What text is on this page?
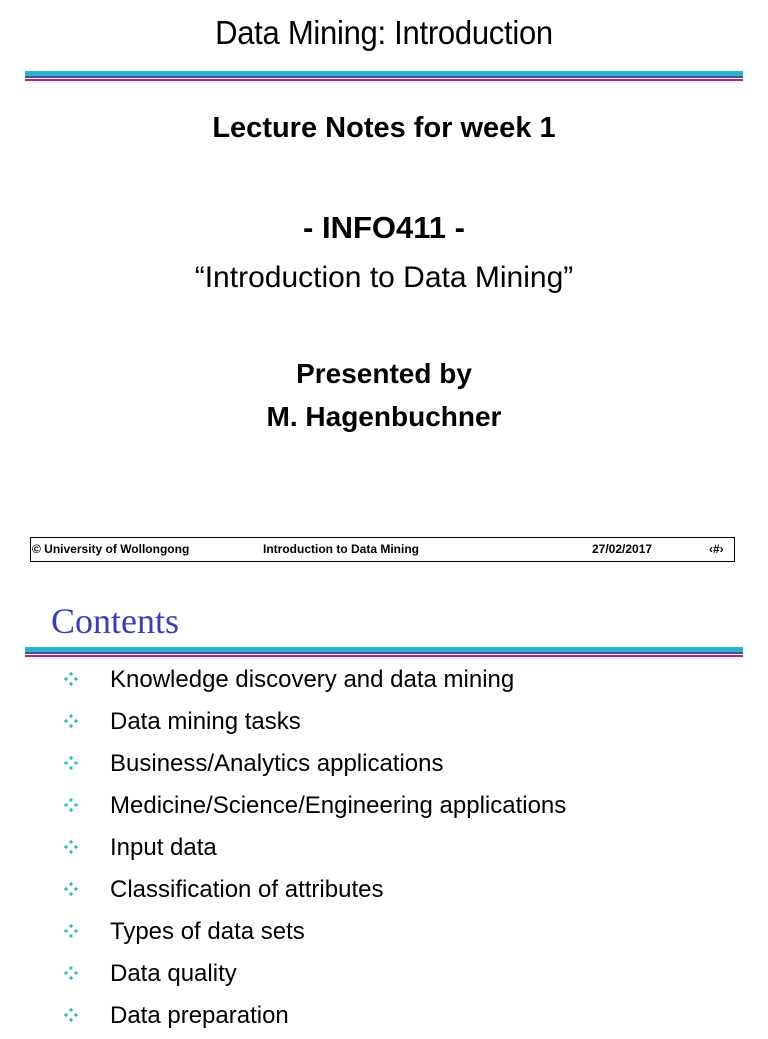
Data Mining: Introduction
Lecture Notes for week 1
- INFO411 -
“Introduction to Data Mining”
Presented by
M. Hagenbuchner
© University of Wollongong	Introduction to Data Mining	27/02/2017	‹#›
Contents
Knowledge discovery and data mining
Data mining tasks
Business/Analytics applications
Medicine/Science/Engineering applications
Input data
Classification of attributes
Types of data sets
Data quality
Data preparation
